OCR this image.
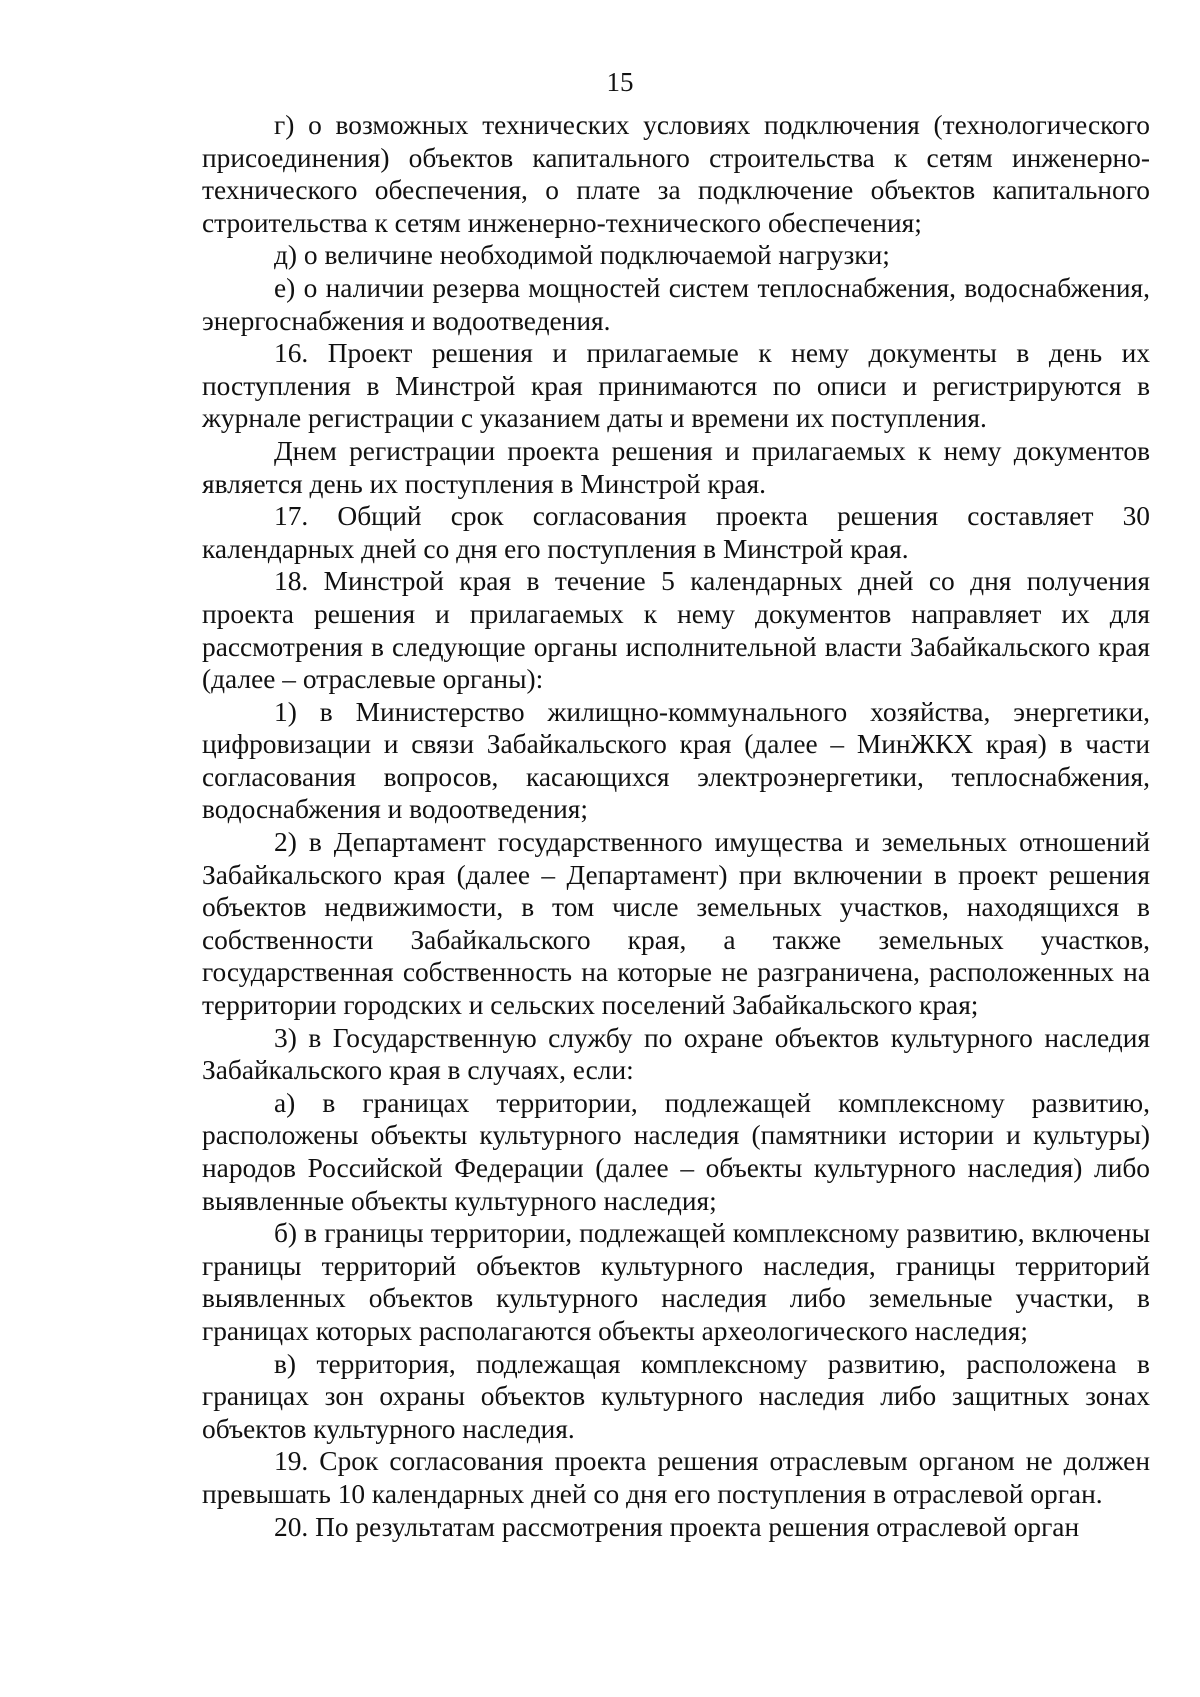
15

г) о возможных технических условиях подключения (технологического присоединения) объектов капитального строительства к сетям инженерно-технического обеспечения, о плате за подключение объектов капитального строительства к сетям инженерно-технического обеспечения;

д) о величине необходимой подключаемой нагрузки;

е) о наличии резерва мощностей систем теплоснабжения, водоснабжения, энергоснабжения и водоотведения.

16. Проект решения и прилагаемые к нему документы в день их поступления в Минстрой края принимаются по описи и регистрируются в журнале регистрации с указанием даты и времени их поступления.

Днем регистрации проекта решения и прилагаемых к нему документов является день их поступления в Минстрой края.

17. Общий срок согласования проекта решения составляет 30 календарных дней со дня его поступления в Минстрой края.

18. Минстрой края в течение 5 календарных дней со дня получения проекта решения и прилагаемых к нему документов направляет их для рассмотрения в следующие органы исполнительной власти Забайкальского края (далее – отраслевые органы):

1) в Министерство жилищно-коммунального хозяйства, энергетики, цифровизации и связи Забайкальского края (далее – МинЖКХ края) в части согласования вопросов, касающихся электроэнергетики, теплоснабжения, водоснабжения и водоотведения;

2) в Департамент государственного имущества и земельных отношений Забайкальского края (далее – Департамент) при включении в проект решения объектов недвижимости, в том числе земельных участков, находящихся в собственности Забайкальского края, а также земельных участков, государственная собственность на которые не разграничена, расположенных на территории городских и сельских поселений Забайкальского края;

3) в Государственную службу по охране объектов культурного наследия Забайкальского края в случаях, если:

а) в границах территории, подлежащей комплексному развитию, расположены объекты культурного наследия (памятники истории и культуры) народов Российской Федерации (далее – объекты культурного наследия) либо выявленные объекты культурного наследия;

б) в границы территории, подлежащей комплексному развитию, включены границы территорий объектов культурного наследия, границы территорий выявленных объектов культурного наследия либо земельные участки, в границах которых располагаются объекты археологического наследия;

в) территория, подлежащая комплексному развитию, расположена в границах зон охраны объектов культурного наследия либо защитных зонах объектов культурного наследия.

19. Срок согласования проекта решения отраслевым органом не должен превышать 10 календарных дней со дня его поступления в отраслевой орган.

20. По результатам рассмотрения проекта решения отраслевой орган
